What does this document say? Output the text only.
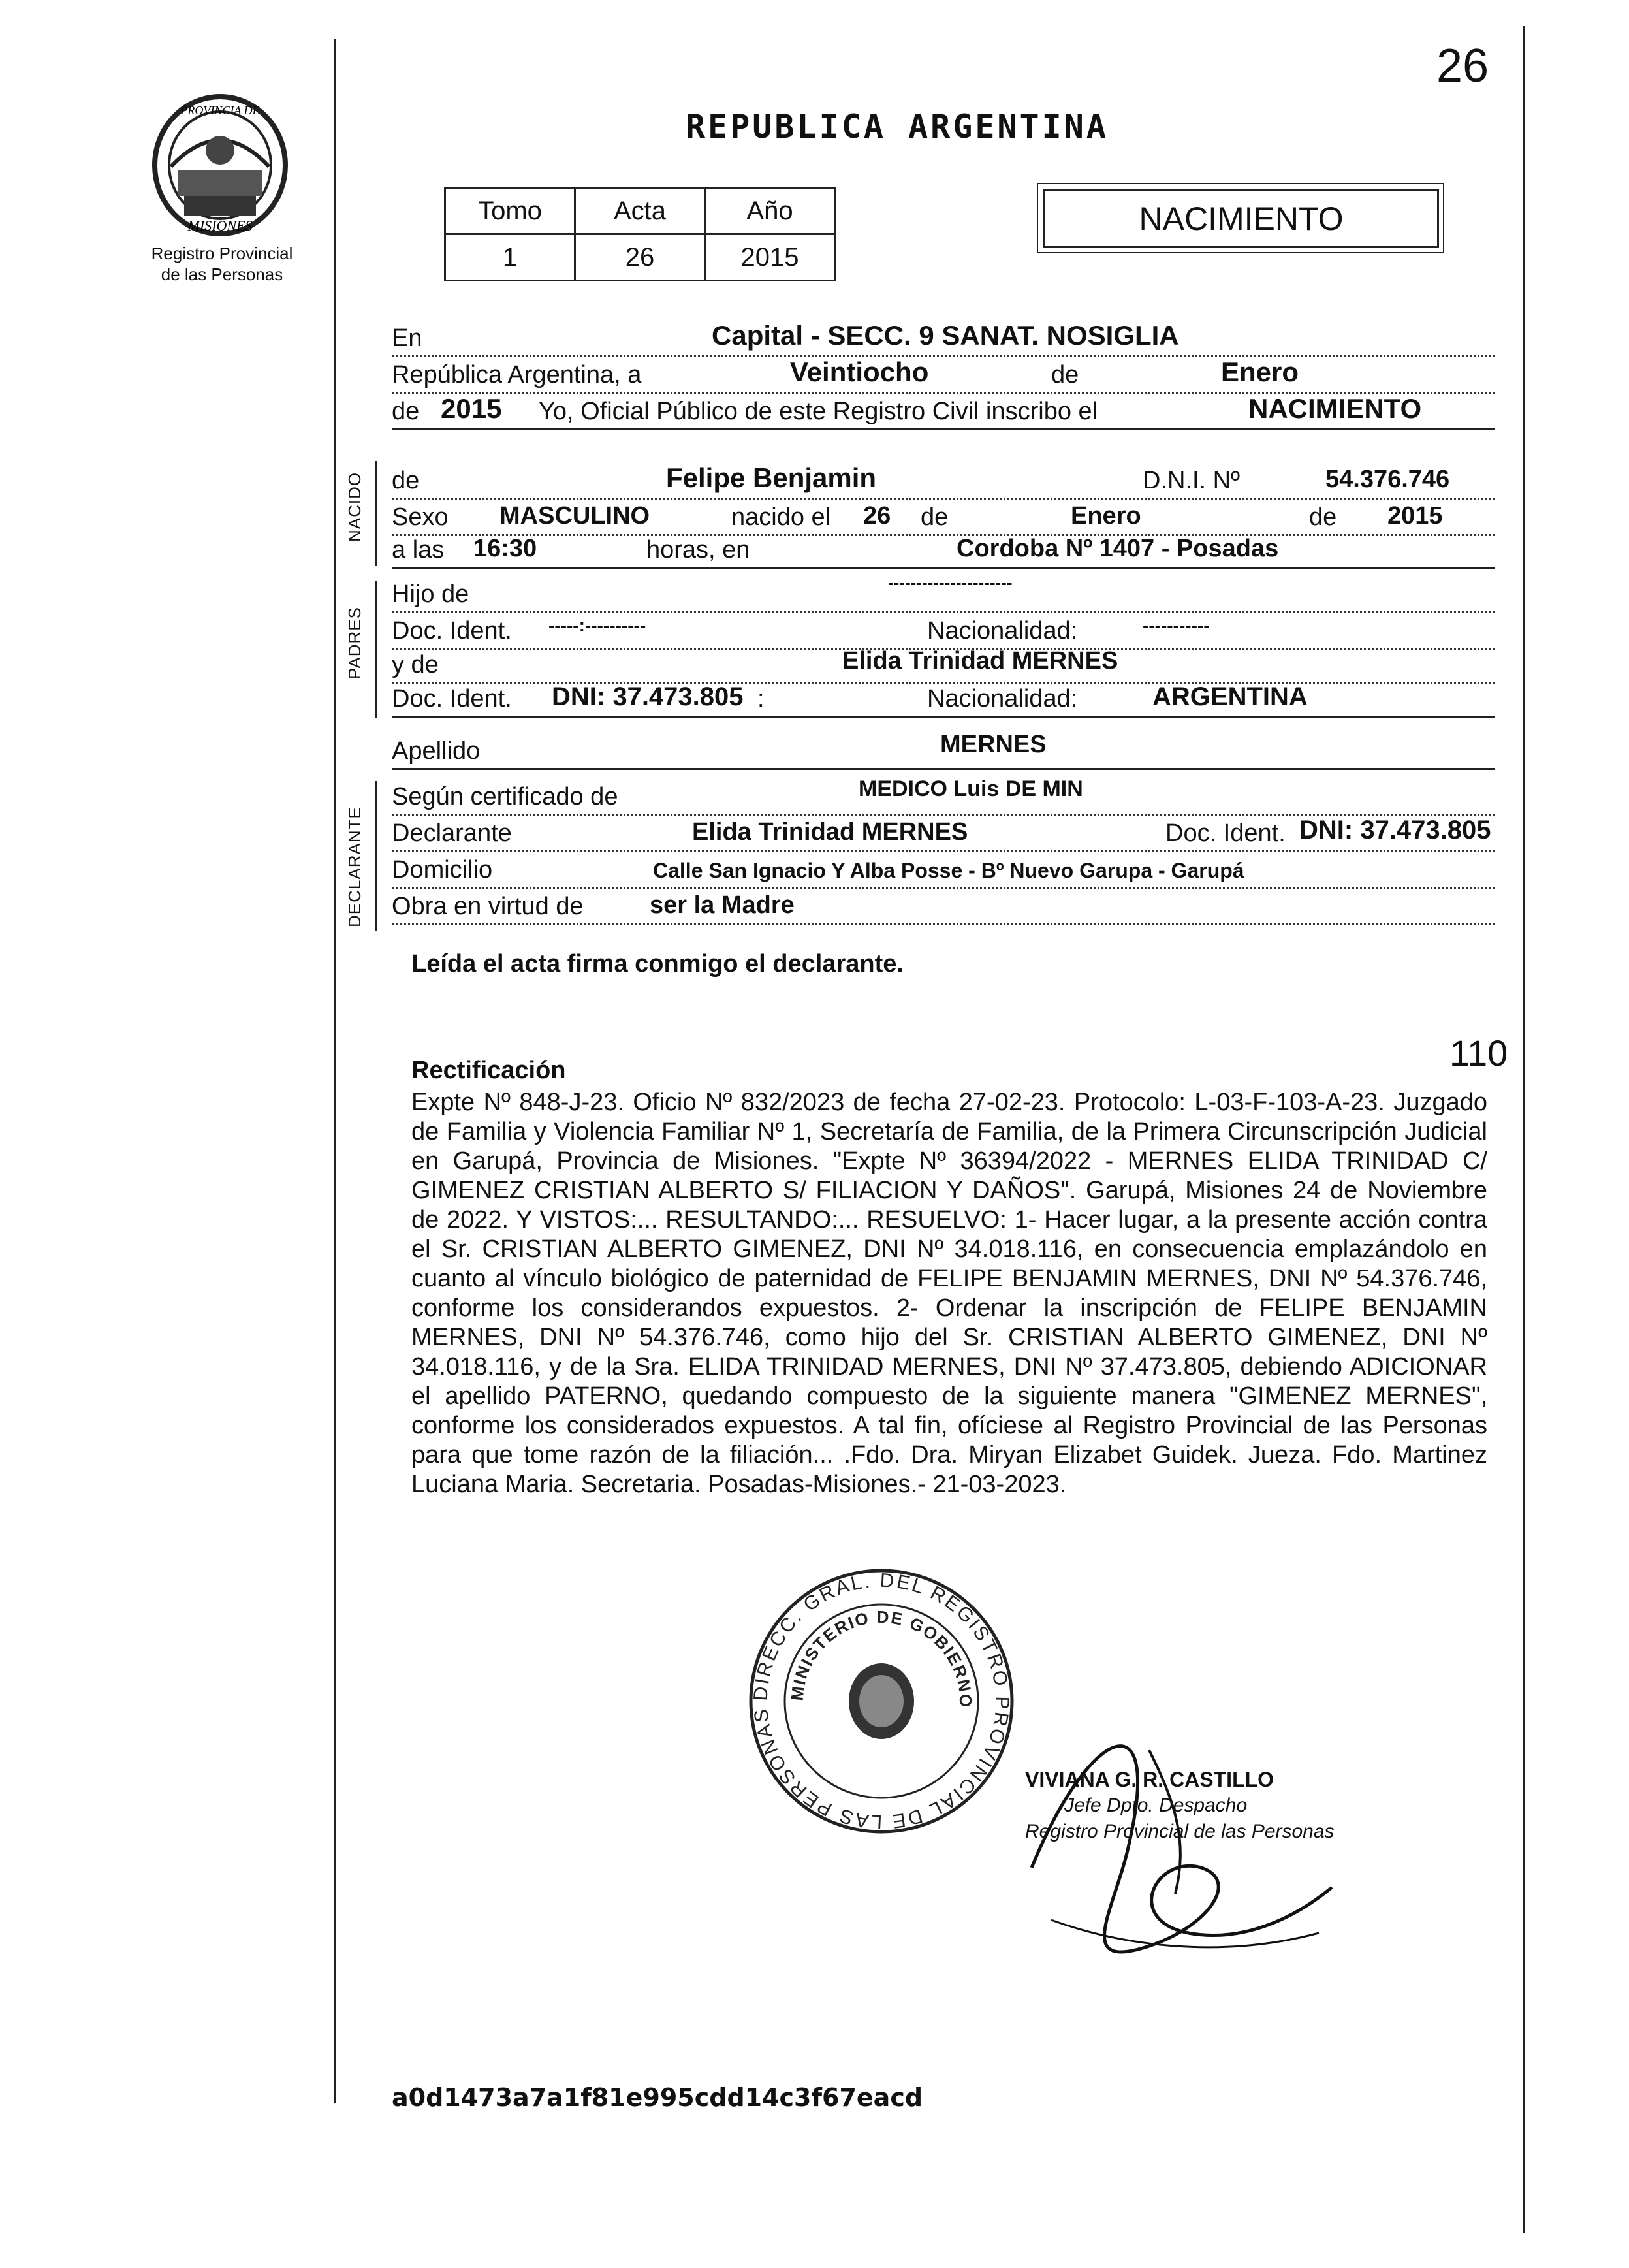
26
PROVINCIA DE
MISIONES
Registro Provincial
de las Personas
REPUBLICA ARGENTINA
Tomo	Acta	Año
1	26	2015
NACIMIENTO
En	Capital - SECC. 9 SANAT. NOSIGLIA
República Argentina, a	Veintiocho	de	Enero
de 2015 Yo, Oficial Público de este Registro Civil inscribo el	NACIMIENTO
NACIDO de	Felipe Benjamin	D.N.I. Nº	54.376.746
Sexo MASCULINO	nacido el 26 de	Enero	de 2015
a las 16:30	horas, en	Cordoba Nº 1407 - Posadas
PADRES
Hijo de	----------------------
Doc. Ident. -----:----------	Nacionalidad:	-----------
y de	Elida Trinidad MERNES
Doc. Ident. DNI: 37.473.805 :	Nacionalidad:	ARGENTINA
Apellido	MERNES
DECLARANTE
Según certificado de	MEDICO Luis DE MIN
Declarante	Elida Trinidad MERNES	Doc. Ident. DNI: 37.473.805
Domicilio	Calle San Ignacio Y Alba Posse - Bº Nuevo Garupa - Garupá
Obra en virtud de	ser la Madre
Leída el acta firma conmigo el declarante.
110
Rectificación
Expte Nº 848-J-23. Oficio Nº 832/2023 de fecha 27-02-23. Protocolo: L-03-F-103-A-23. Juzgado de Familia y Violencia Familiar Nº 1, Secretaría de Familia, de la Primera Circunscripción Judicial en Garupá, Provincia de Misiones. "Expte Nº 36394/2022 - MERNES ELIDA TRINIDAD C/ GIMENEZ CRISTIAN ALBERTO S/ FILIACION Y DAÑOS". Garupá, Misiones 24 de Noviembre de 2022. Y VISTOS:... RESULTANDO:... RESUELVO: 1- Hacer lugar, a la presente acción contra el Sr. CRISTIAN ALBERTO GIMENEZ, DNI Nº 34.018.116, en consecuencia emplazándolo en cuanto al vínculo biológico de paternidad de FELIPE BENJAMIN MERNES, DNI Nº 54.376.746, conforme los considerandos expuestos. 2- Ordenar la inscripción de FELIPE BENJAMIN MERNES, DNI Nº 54.376.746, como hijo del Sr. CRISTIAN ALBERTO GIMENEZ, DNI Nº 34.018.116, y de la Sra. ELIDA TRINIDAD MERNES, DNI Nº 37.473.805, debiendo ADICIONAR el apellido PATERNO, quedando compuesto de la siguiente manera "GIMENEZ MERNES", conforme los considerados expuestos. A tal fin, ofíciese al Registro Provincial de las Personas para que tome razón de la filiación... .Fdo. Dra. Miryan Elizabet Guidek. Jueza. Fdo. Martinez Luciana Maria. Secretaria. Posadas-Misiones.- 21-03-2023.
DIRECC. GRAL. DEL REGISTRO PROVINCIAL DE LAS PERSONAS
MINISTERIO DE GOBIERNO
VIVIANA G. R. CASTILLO
Jefe Dpto. Despacho
Registro Provincial de las Personas
a0d1473a7a1f81e995cdd14c3f67eacd
